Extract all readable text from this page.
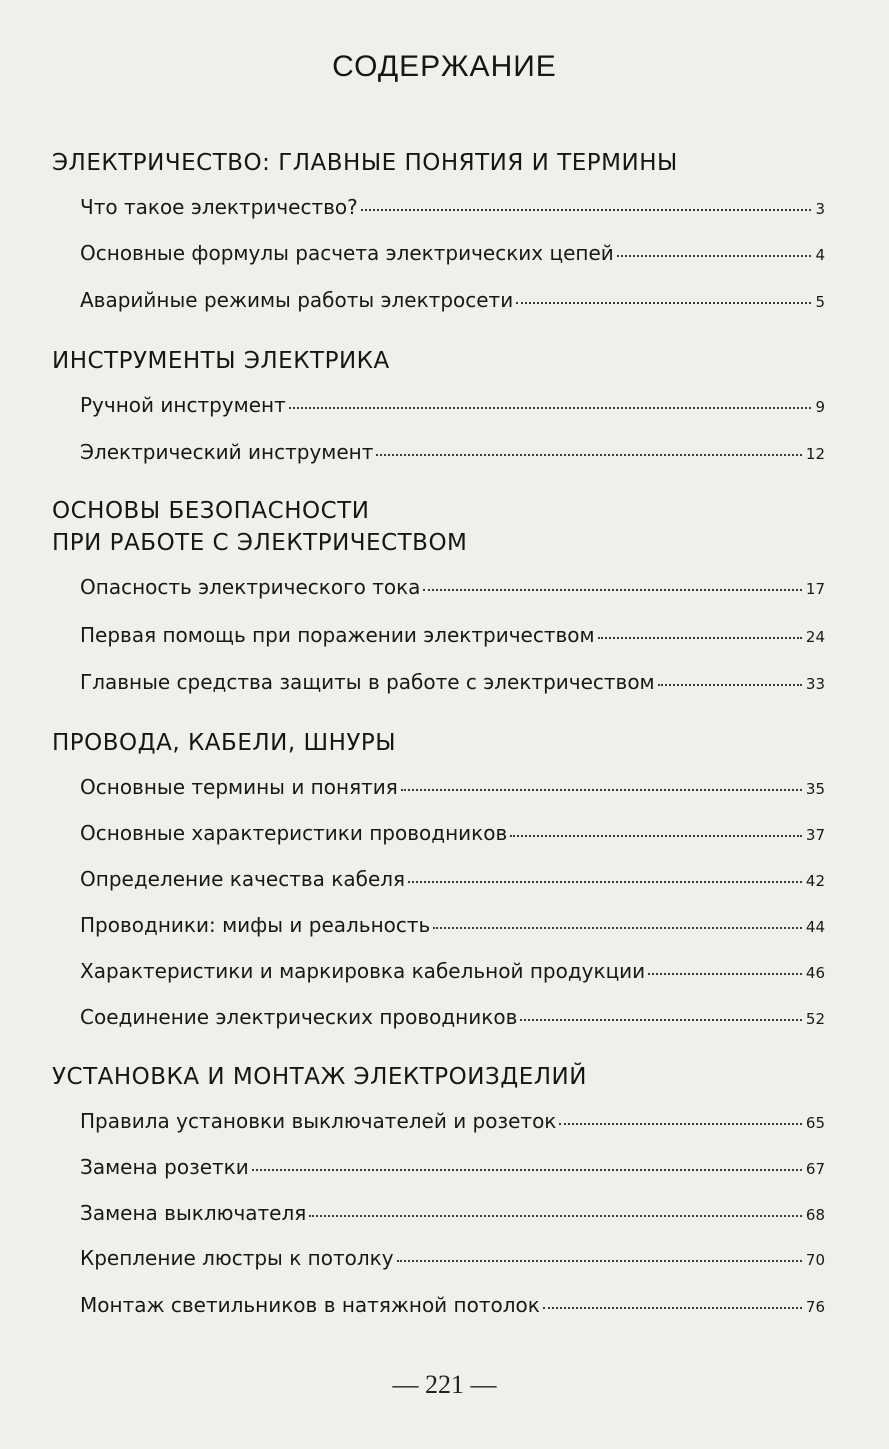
СОДЕРЖАНИЕ
ЭЛЕКТРИЧЕСТВО: ГЛАВНЫЕ ПОНЯТИЯ И ТЕРМИНЫ
Что такое электричество?	3
Основные формулы расчета электрических цепей	4
Аварийные режимы работы электросети	5
ИНСТРУМЕНТЫ ЭЛЕКТРИКА
Ручной инструмент	9
Электрический инструмент	12
ОСНОВЫ БЕЗОПАСНОСТИ
ПРИ РАБОТЕ С ЭЛЕКТРИЧЕСТВОМ
Опасность электрического тока	17
Первая помощь при поражении электричеством	24
Главные средства защиты в работе с электричеством	33
ПРОВОДА, КАБЕЛИ, ШНУРЫ
Основные термины и понятия	35
Основные характеристики проводников	37
Определение качества кабеля	42
Проводники: мифы и реальность	44
Характеристики и маркировка кабельной продукции	46
Соединение электрических проводников	52
УСТАНОВКА И МОНТАЖ ЭЛЕКТРОИЗДЕЛИЙ
Правила установки выключателей и розеток	65
Замена розетки	67
Замена выключателя	68
Крепление люстры к потолку	70
Монтаж светильников в натяжной потолок	76
— 221 —
